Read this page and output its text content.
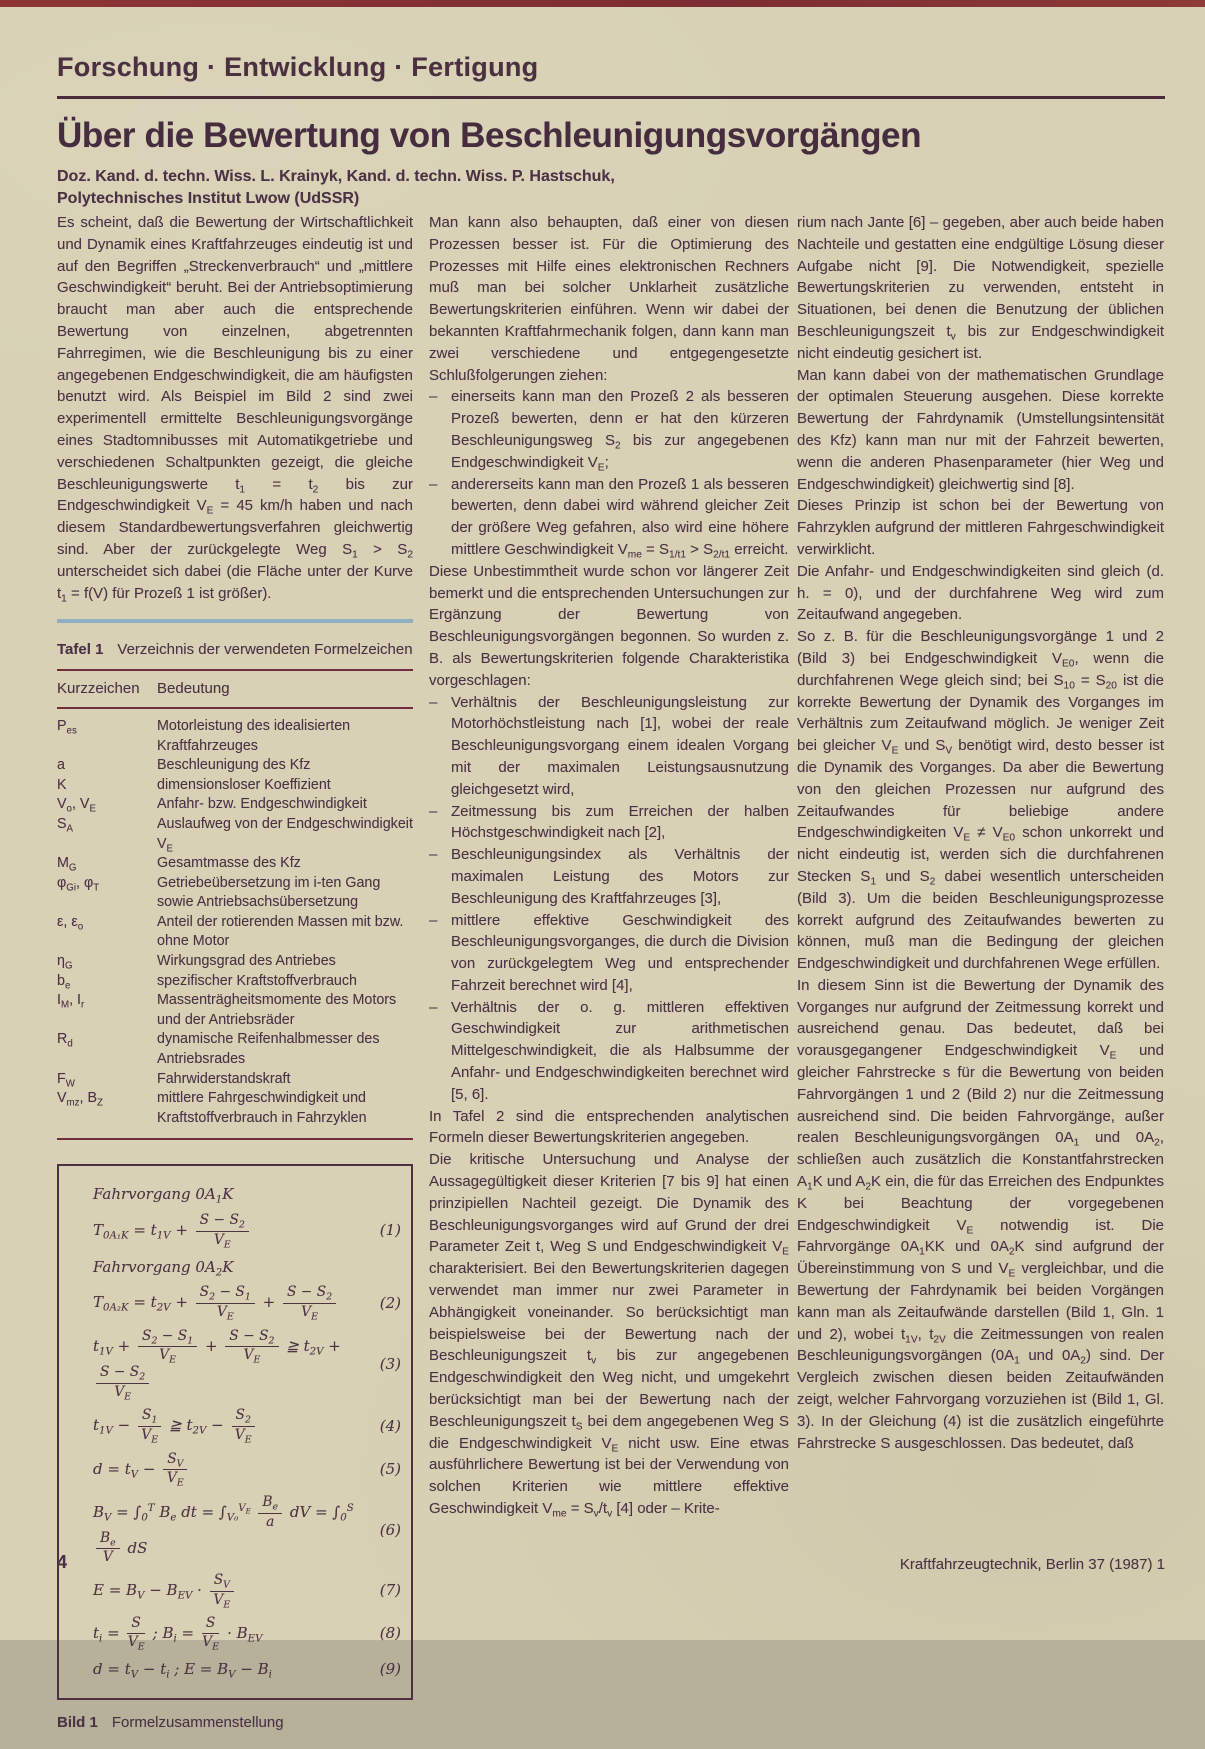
Forschung · Entwicklung · Fertigung
Über die Bewertung von Beschleunigungsvorgängen
Doz. Kand. d. techn. Wiss. L. Krainyk, Kand. d. techn. Wiss. P. Hastschuk,
Polytechnisches Institut Lwow (UdSSR)
Es scheint, daß die Bewertung der Wirtschaftlichkeit und Dynamik eines Kraftfahrzeuges eindeutig ist und auf den Begriffen „Streckenverbrauch“ und „mittlere Geschwindigkeit“ beruht. Bei der Antriebsoptimierung braucht man aber auch die entsprechende Bewertung von einzelnen, abgetrennten Fahrregimen, wie die Beschleunigung bis zu einer angegebenen Endgeschwindigkeit, die am häufigsten benutzt wird. Als Beispiel im Bild 2 sind zwei experimentell ermittelte Beschleunigungsvorgänge eines Stadtomnibusses mit Automatikgetriebe und verschiedenen Schaltpunkten gezeigt, die gleiche Beschleunigungswerte $t_1 = t_2$ bis zur Endgeschwindigkeit $V_E = 45$ km/h haben und nach diesem Standardbewertungsverfahren gleichwertig sind. Aber der zurückgelegte Weg $S_1 > S_2$ unterscheidet sich dabei (die Fläche unter der Kurve $t_1 = f(V)$ für Prozeß 1 ist größer).

Tafel 1 Verzeichnis der verwendeten Formelzeichen

Kurzzeichen	Bedeutung
$P_{es}$	Motorleistung des idealisierten Kraftfahrzeuges
a	Beschleunigung des Kfz
K	dimensionsloser Koeffizient
$V_o$, $V_E$	Anfahr- bzw. Endgeschwindigkeit
$S_A$	Auslaufweg von der Endgeschwindigkeit $V_E$
$M_G$	Gesamtmasse des Kfz
$\varphi_{Gi}$, $\varphi_T$	Getriebeübersetzung im i-ten Gang sowie Antriebsachsübersetzung
ε, $\varepsilon_o$	Anteil der rotierenden Massen mit bzw. ohne Motor
$\eta_G$	Wirkungsgrad des Antriebes
$b_e$	spezifischer Kraftstoffverbrauch
$I_M$, $I_r$	Massenträgheitsmomente des Motors und der Antriebsräder
$R_d$	dynamische Reifenhalbmesser des Antriebsrades
$F_W$	Fahrwiderstandskraft
$V_{mz}$, $B_Z$	mittlere Fahrgeschwindigkeit und Kraftstoffverbrauch in Fahrzyklen
Fahrvorgang $0A_1K$
$T_{0A_1K} = t_{1V} + \frac{S - S_2}{V_E}$	(1)
Fahrvorgang $0A_2K$
$T_{0A_2K} = t_{2V} + \frac{S_2 - S_1}{V_E} + \frac{S - S_2}{V_E}$	(2)
$t_{1V} + \frac{S_2 - S_1}{V_E} + \frac{S - S_2}{V_E}$ ≧ $t_{2V}$ +
$\frac{S - S_2}{V_E}$
(3)
$t_{1V} - \frac{S_1}{V_E}$ ≧ $t_{2V} - \frac{S_2}{V_E}$	(4)
$d = t_V - \frac{S_V}{V_E}$	(5)
$B_V = \int_0^T$ $B_e$ dt = $\int_{V_0}^{V_E} \frac{B_e}{a}$ dV = $\int_0^S$
$\frac{B_e}{V}$ dS
(6)
$E = B_V - B_{EV} \cdot \frac{S_V}{V_E}$	(7)
$t_i = \frac{S}{V_E}$ ; $B_i = \frac{S}{V_E} \cdot B_{EV}$	(8)
$d = t_V - t_i$ ; $E = B_V - B_i$	(9)

Bild 1 Formelzusammenstellung

Man kann also behaupten, daß einer von diesen Prozessen besser ist. Für die Optimierung des Prozesses mit Hilfe eines elektronischen Rechners muß man bei solcher Unklarheit zusätzliche Bewertungskriterien einführen. Wenn wir dabei der bekannten Kraftfahrmechanik folgen, dann kann man zwei verschiedene und entgegengesetzte Schlußfolgerungen ziehen:
– einerseits kann man den Prozeß 2 als besseren Prozeß bewerten, denn er hat den kürzeren Beschleunigungsweg $S_2$ bis zur angegebenen Endgeschwindigkeit $V_E$;
– andererseits kann man den Prozeß 1 als besseren bewerten, denn dabei wird während gleicher Zeit der größere Weg gefahren, also wird eine höhere mittlere Geschwindigkeit $V_{me} = S_{1/t1} > S_{2/t1}$ erreicht.
Diese Unbestimmtheit wurde schon vor längerer Zeit bemerkt und die entsprechenden Untersuchungen zur Ergänzung der Bewertung von Beschleunigungsvorgängen begonnen. So wurden z. B. als Bewertungskriterien folgende Charakteristika vorgeschlagen:
– Verhältnis der Beschleunigungsleistung zur Motorhöchstleistung nach [1], wobei der reale Beschleunigungsvorgang einem idealen Vorgang mit der maximalen Leistungsausnutzung gleichgesetzt wird,
– Zeitmessung bis zum Erreichen der halben Höchstgeschwindigkeit nach [2],
– Beschleunigungsindex als Verhältnis der maximalen Leistung des Motors zur Beschleunigung des Kraftfahrzeuges [3],
– mittlere effektive Geschwindigkeit des Beschleunigungsvorganges, die durch die Division von zurückgelegtem Weg und entsprechender Fahrzeit berechnet wird [4],
– Verhältnis der o. g. mittleren effektiven Geschwindigkeit zur arithmetischen Mittelgeschwindigkeit, die als Halbsumme der Anfahr- und Endgeschwindigkeiten berechnet wird [5, 6].
In Tafel 2 sind die entsprechenden analytischen Formeln dieser Bewertungskriterien angegeben.
Die kritische Untersuchung und Analyse der Aussagegültigkeit dieser Kriterien [7 bis 9] hat einen prinzipiellen Nachteil gezeigt. Die Dynamik des Beschleunigungsvorganges wird auf Grund der drei Parameter Zeit t, Weg S und Endgeschwindigkeit $V_E$ charakterisiert. Bei den Bewertungskriterien dagegen verwendet man immer nur zwei Parameter in Abhängigkeit voneinander. So berücksichtigt man beispielsweise bei der Bewertung nach der Beschleunigungszeit $t_v$ bis zur angegebenen Endgeschwindigkeit den Weg nicht, und umgekehrt berücksichtigt man bei der Bewertung nach der Beschleunigungszeit $t_S$ bei dem angegebenen Weg S die Endgeschwindigkeit $V_E$ nicht usw. Eine etwas ausführlichere Bewertung ist bei der Verwendung von solchen Kriterien wie mittlere effektive Geschwindigkeit $V_{me} = S_v/t_v$ [4] oder – Krite-
rium nach Jante [6] – gegeben, aber auch beide haben Nachteile und gestatten eine endgültige Lösung dieser Aufgabe nicht [9]. Die Notwendigkeit, spezielle Bewertungskriterien zu verwenden, entsteht in Situationen, bei denen die Benutzung der üblichen Beschleunigungszeit $t_v$ bis zur Endgeschwindigkeit nicht eindeutig gesichert ist.
Man kann dabei von der mathematischen Grundlage der optimalen Steuerung ausgehen. Diese korrekte Bewertung der Fahrdynamik (Umstellungsintensität des Kfz) kann man nur mit der Fahrzeit bewerten, wenn die anderen Phasenparameter (hier Weg und Endgeschwindigkeit) gleichwertig sind [8].
Dieses Prinzip ist schon bei der Bewertung von Fahrzyklen aufgrund der mittleren Fahrgeschwindigkeit verwirklicht.
Die Anfahr- und Endgeschwindigkeiten sind gleich (d. h. = 0), und der durchfahrene Weg wird zum Zeitaufwand angegeben.
So z. B. für die Beschleunigungsvorgänge 1 und 2 (Bild 3) bei Endgeschwindigkeit $V_{E0}$, wenn die durchfahrenen Wege gleich sind; bei $S_{10} = S_{20}$ ist die korrekte Bewertung der Dynamik des Vorganges im Verhältnis zum Zeitaufwand möglich. Je weniger Zeit bei gleicher $V_E$ und $S_V$ benötigt wird, desto besser ist die Dynamik des Vorganges. Da aber die Bewertung von den gleichen Prozessen nur aufgrund des Zeitaufwandes für beliebige andere Endgeschwindigkeiten $V_E \ne V_{E0}$ schon unkorrekt und nicht eindeutig ist, werden sich die durchfahrenen Stecken $S_1$ und $S_2$ dabei wesentlich unterscheiden (Bild 3). Um die beiden Beschleunigungsprozesse korrekt aufgrund des Zeitaufwandes bewerten zu können, muß man die Bedingung der gleichen Endgeschwindigkeit und durchfahrenen Wege erfüllen.
In diesem Sinn ist die Bewertung der Dynamik des Vorganges nur aufgrund der Zeitmessung korrekt und ausreichend genau. Das bedeutet, daß bei vorausgegangener Endgeschwindigkeit $V_E$ und gleicher Fahrstrecke s für die Bewertung von beiden Fahrvorgängen 1 und 2 (Bild 2) nur die Zeitmessung ausreichend sind. Die beiden Fahrvorgänge, außer realen Beschleunigungsvorgängen $0A_1$ und $0A_2$, schließen auch zusätzlich die Konstantfahrstrecken $A_1K$ und $A_2K$ ein, die für das Erreichen des Endpunktes K bei Beachtung der vorgegebenen Endgeschwindigkeit $V_E$ notwendig ist. Die Fahrvorgänge $0A_1KK$ und $0A_2K$ sind aufgrund der Übereinstimmung von S und $V_E$ vergleichbar, und die Bewertung der Fahrdynamik bei beiden Vorgängen kann man als Zeitaufwände darstellen (Bild 1, Gln. 1 und 2), wobei $t_{1V}$, $t_{2V}$ die Zeitmessungen von realen Beschleunigungsvorgängen ($0A_1$ und $0A_2$) sind. Der Vergleich zwischen diesen beiden Zeitaufwänden zeigt, welcher Fahrvorgang vorzuziehen ist (Bild 1, Gl. 3). In der Gleichung (4) ist die zusätzlich eingeführte Fahrstrecke S ausgeschlossen. Das bedeutet, daß
4	Kraftfahrzeugtechnik, Berlin 37 (1987) 1
